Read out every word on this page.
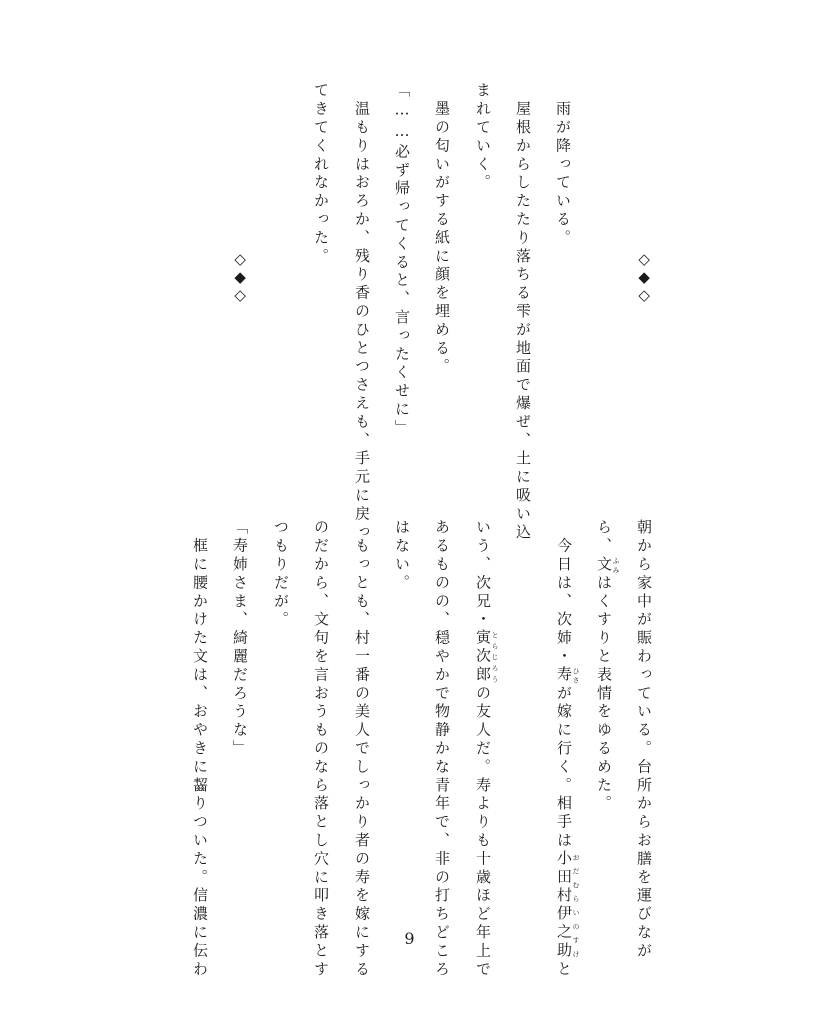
　雨が降っている。
　屋根からしたたり落ちる雫が地面で爆ぜ、土に吸い込
まれていく。
　墨の匂いがする紙に顔を埋める。
「……必ず帰ってくると、言ったくせに」
　温もりはおろか、残り香のひとつさえも、手元に戻っ
てきてくれなかった。
◇◆◇
◇◆◇
朝から家中が賑わっている。台所からお膳を運びなが
ら、文 ふみはくすりと表情をゆるめた。
　今日は、次姉・寿 ひさが嫁に行く。相手は小田村 おだむら伊之助 いのすけと
いう、次兄・寅次郎 とらじろうの友人だ。寿よりも十歳ほど年上で
あるものの、穏やかで物静かな青年で、非の打ちどころ
はない。
　もっとも、村一番の美人でしっかり者の寿を嫁にする
のだから、文句を言おうものなら落とし穴に叩き落とす
つもりだが。
「寿姉さま、綺麗だろうな」
　框に腰かけた文は、おやきに齧りついた。信濃に伝わ	9
